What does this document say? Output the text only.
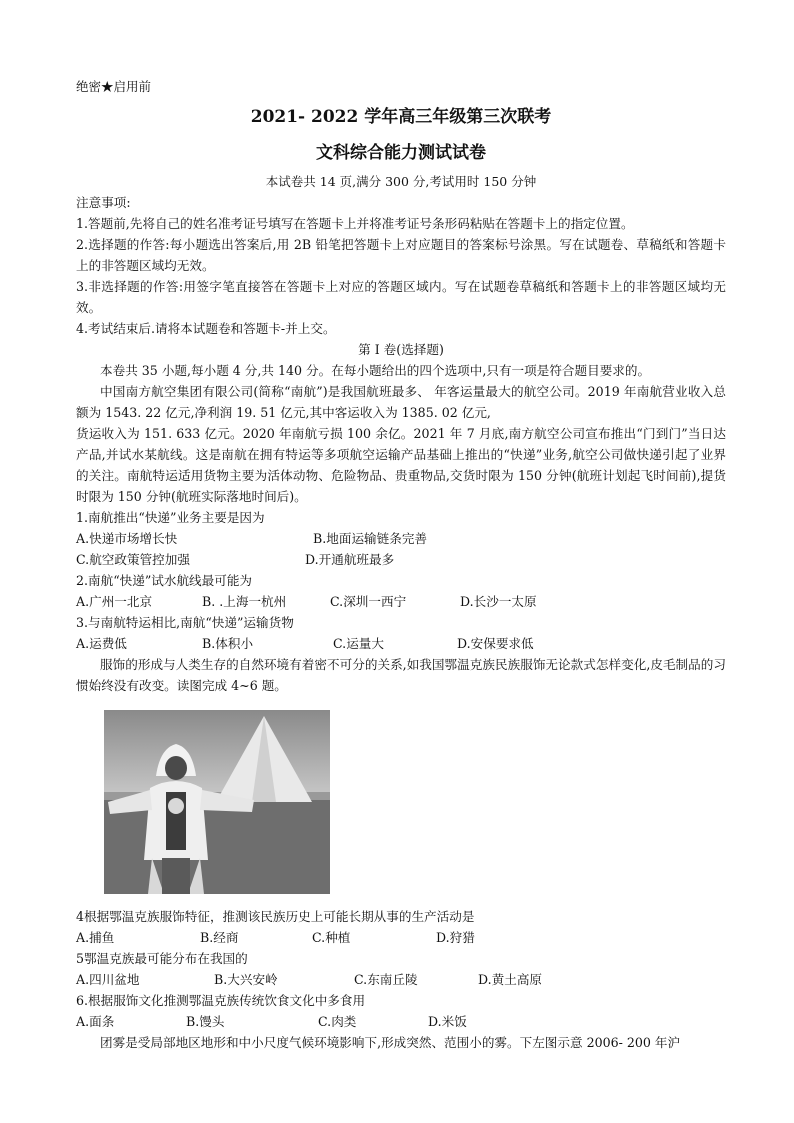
绝密★启用前
2021- 2022 学年高三年级第三次联考
文科综合能力测试试卷
本试卷共 14 页,满分 300 分,考试用时 150 分钟

注意事项:

1.答题前,先将自己的姓名准考证号填写在答题卡上并将准考证号条形码粘贴在答题卡上的指定位置。

2.选择题的作答:每小题选出答案后,用 2B 铅笔把答题卡上对应题目的答案标号涂黑。写在试题卷、草稿纸和答题卡上的非答题区域均无效。

3.非选择题的作答:用签字笔直接答在答题卡上对应的答题区域内。写在试题卷草稿纸和答题卡上的非答题区域均无效。

4.考试结束后.请将本试题卷和答题卡-并上交。

第 I 卷(选择题)

本卷共 35 小题,每小题 4 分,共 140 分。在每小题给出的四个选项中,只有一项是符合题目要求的。

中国南方航空集团有限公司(简称“南航”)是我国航班最多、 年客运量最大的航空公司。2019 年南航营业收入总额为 1543. 22 亿元,净利润 19. 51 亿元,其中客运收入为 1385. 02 亿元,

货运收入为 151. 633 亿元。2020 年南航亏损 100 余亿。2021 年 7 月底,南方航空公司宣布推出“门到门”当日达产品,并试水某航线。这是南航在拥有特运等多项航空运输产品基础上推出的“快递”业务,航空公司做快递引起了业界的关注。南航特运适用货物主要为活体动物、危险物品、贵重物品,交货时限为 150 分钟(航班计划起飞时间前),提货时限为 150 分钟(航班实际落地时间后)。

1.南航推出“快递”业务主要是因为

A.快递市场增长快	B.地面运输链条完善
C.航空政策管控加强	D.开通航班最多

2.南航“快递”试水航线最可能为

A.广州一北京	B. .上海一杭州	C.深圳一西宁	D.长沙一太原

3.与南航特运相比,南航“快递”运输货物

A.运费低	B.体积小	C.运量大	D.安保要求低

服饰的形成与人类生存的自然环境有着密不可分的关系,如我国鄂温克族民族服饰无论款式怎样变化,皮毛制品的习惯始终没有改变。读图完成 4~6 题。

4根据鄂温克族服饰特征，推测该民族历史上可能长期从事的生产活动是

A.捕鱼	B.经商	C.种植	D.狩猎

5鄂温克族最可能分布在我国的

A.四川盆地	B.大兴安岭	C.东南丘陵	D.黄土高原

6.根据服饰文化推测鄂温克族传统饮食文化中多食用

A.面条	B.馒头	C.肉类	D.米饭

团雾是受局部地区地形和中小尺度气候环境影响下,形成突然、范围小的雾。下左图示意 2006- 200 年沪
